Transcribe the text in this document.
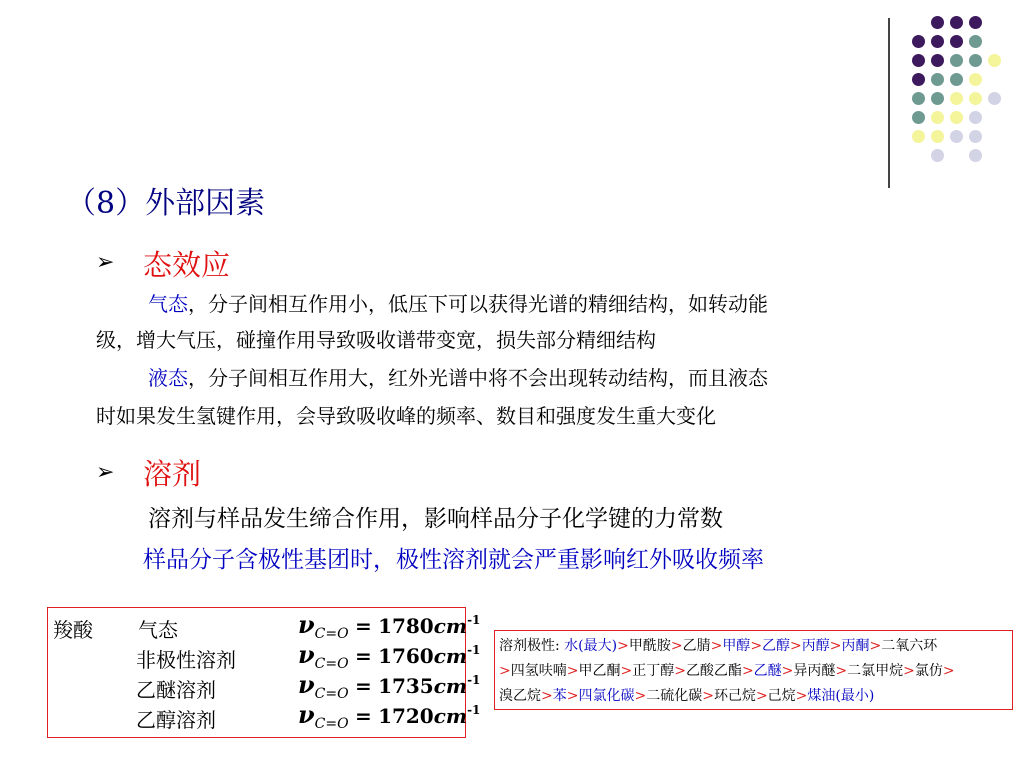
（8）外部因素
➢ 态效应
气态，分子间相互作用小，低压下可以获得光谱的精细结构，如转动能
级，增大气压，碰撞作用导致吸收谱带变宽，损失部分精细结构
液态，分子间相互作用大，红外光谱中将不会出现转动结构，而且液态
时如果发生氢键作用，会导致吸收峰的频率、数目和强度发生重大变化
➢ 溶剂
溶剂与样品发生缔合作用，影响样品分子化学键的力常数
样品分子含极性基团时，极性溶剂就会严重影响红外吸收频率
羧酸 气态	$\nu_{C=O} = 1780cm^{-1}$
非极性溶剂	$\nu_{C=O} = 1760cm^{-1}$
乙醚溶剂	$\nu_{C=O} = 1735cm^{-1}$
乙醇溶剂	$\nu_{C=O} = 1720cm^{-1}$
溶剂极性: 水(最大)>甲酰胺>乙腈>甲醇>乙醇>丙醇>丙酮>二氧六环
>四氢呋喃>甲乙酮>正丁醇>乙酸乙酯>乙醚>异丙醚>二氯甲烷>氯仿>
溴乙烷>苯>四氯化碳>二硫化碳>环己烷>己烷>煤油(最小)
